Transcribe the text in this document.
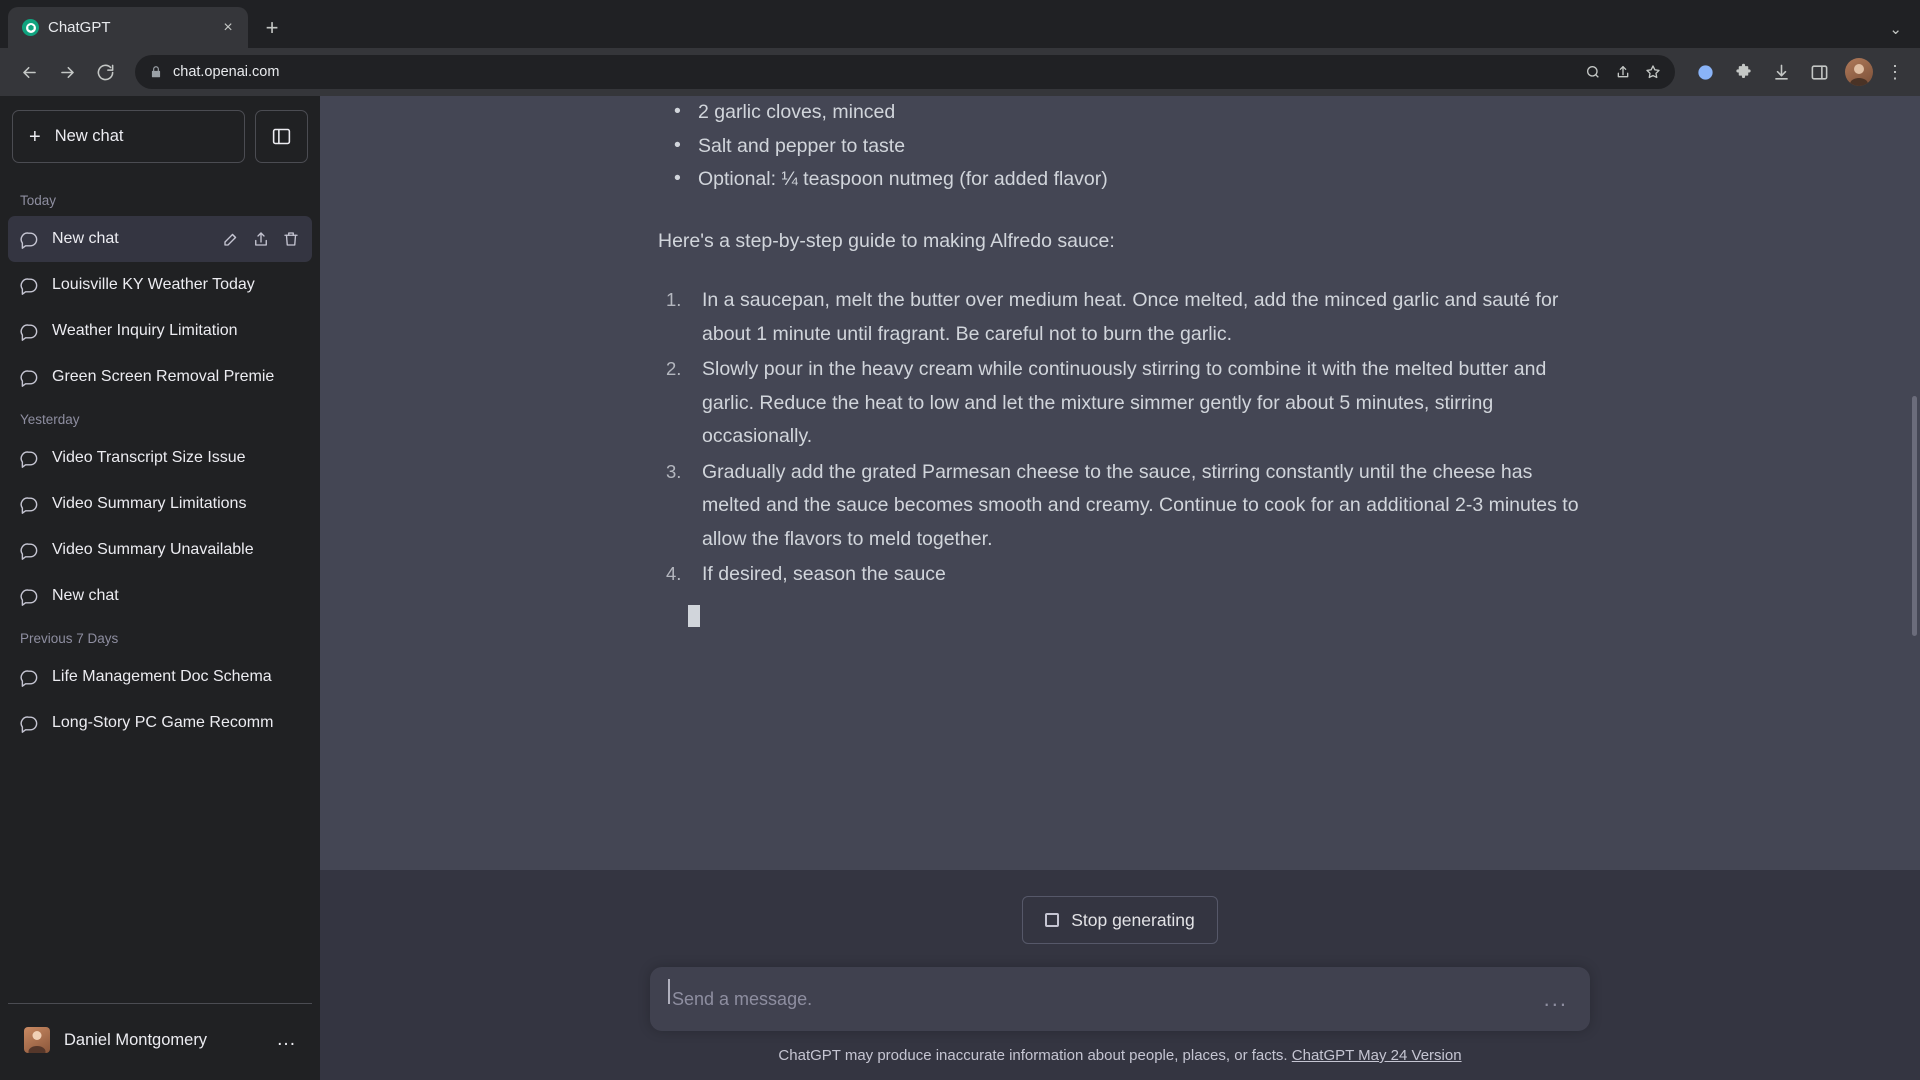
ChatGPT	×	+	⌄
chat.openai.com	⋮
+ New chat
Today
New chat
Louisville KY Weather Today
Weather Inquiry Limitation
Green Screen Removal Premie
Yesterday
Video Transcript Size Issue
Video Summary Limitations
Video Summary Unavailable
New chat
Previous 7 Days
Life Management Doc Schema
Long-Story PC Game Recomm
Daniel Montgomery	...
• 2 garlic cloves, minced
• Salt and pepper to taste
• Optional: ¼ teaspoon nutmeg (for added flavor)

Here's a step-by-step guide to making Alfredo sauce:

In a saucepan, melt the butter over medium heat. Once melted, add the minced garlic and sauté for about 1 minute until fragrant. Be careful not to burn the garlic.
Slowly pour in the heavy cream while continuously stirring to combine it with the melted butter and garlic. Reduce the heat to low and let the mixture simmer gently for about 5 minutes, stirring occasionally.
Gradually add the grated Parmesan cheese to the sauce, stirring constantly until the cheese has melted and the sauce becomes smooth and creamy. Continue to cook for an additional 2-3 minutes to allow the flavors to meld together.
If desired, season the sauce
Stop generating
Send a message.	...
ChatGPT may produce inaccurate information about people, places, or facts. ChatGPT May 24 Version
